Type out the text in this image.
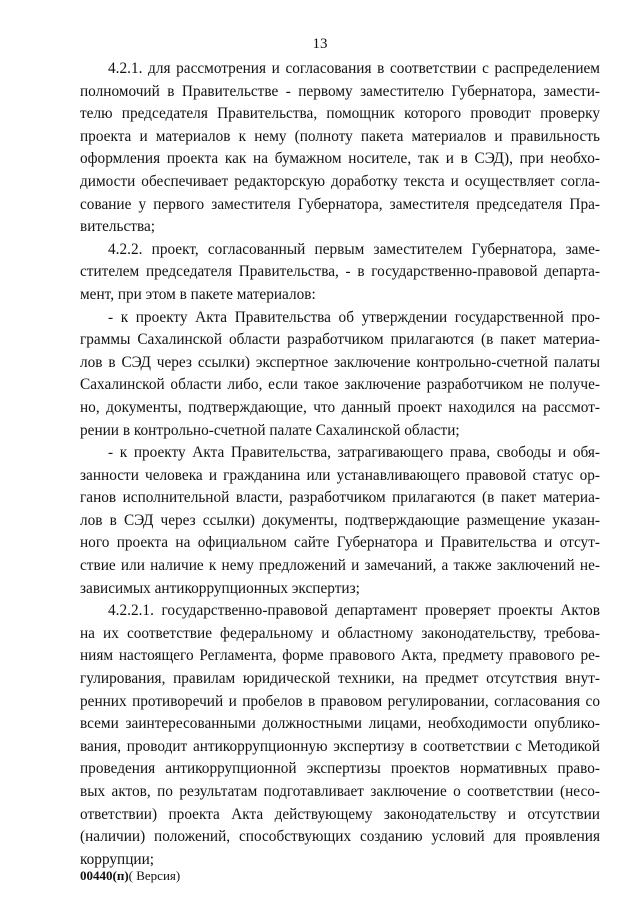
13
4.2.1. для рассмотрения и согласования в соответствии с распределением
полномочий в Правительстве - первому заместителю Губернатора, замести-
телю председателя Правительства, помощник которого проводит проверку
проекта и материалов к нему (полноту пакета материалов и правильность
оформления проекта как на бумажном носителе, так и в СЭД), при необхо-
димости обеспечивает редакторскую доработку текста и осуществляет согла-
сование у первого заместителя Губернатора, заместителя председателя Пра-
вительства;
4.2.2. проект, согласованный первым заместителем Губернатора, заме-
стителем председателя Правительства, - в государственно-правовой департа-
мент, при этом в пакете материалов:
- к проекту Акта Правительства об утверждении государственной про-
граммы Сахалинской области разработчиком прилагаются (в пакет материа-
лов в СЭД через ссылки) экспертное заключение контрольно-счетной палаты
Сахалинской области либо, если такое заключение разработчиком не получе-
но, документы, подтверждающие, что данный проект находился на рассмот-
рении в контрольно-счетной палате Сахалинской области;
- к проекту Акта Правительства, затрагивающего права, свободы и обя-
занности человека и гражданина или устанавливающего правовой статус ор-
ганов исполнительной власти, разработчиком прилагаются (в пакет материа-
лов в СЭД через ссылки) документы, подтверждающие размещение указан-
ного проекта на официальном сайте Губернатора и Правительства и отсут-
ствие или наличие к нему предложений и замечаний, а также заключений не-
зависимых антикоррупционных экспертиз;
4.2.2.1. государственно-правовой департамент проверяет проекты Актов
на их соответствие федеральному и областному законодательству, требова-
ниям настоящего Регламента, форме правового Акта, предмету правового ре-
гулирования, правилам юридической техники, на предмет отсутствия внут-
ренних противоречий и пробелов в правовом регулировании, согласования со
всеми заинтересованными должностными лицами, необходимости опублико-
вания, проводит антикоррупционную экспертизу в соответствии с Методикой
проведения антикоррупционной экспертизы проектов нормативных право-
вых актов, по результатам подготавливает заключение о соответствии (несо-
ответствии) проекта Акта действующему законодательству и отсутствии
(наличии) положений, способствующих созданию условий для проявления
коррупции;
00440(п)( Версия)
